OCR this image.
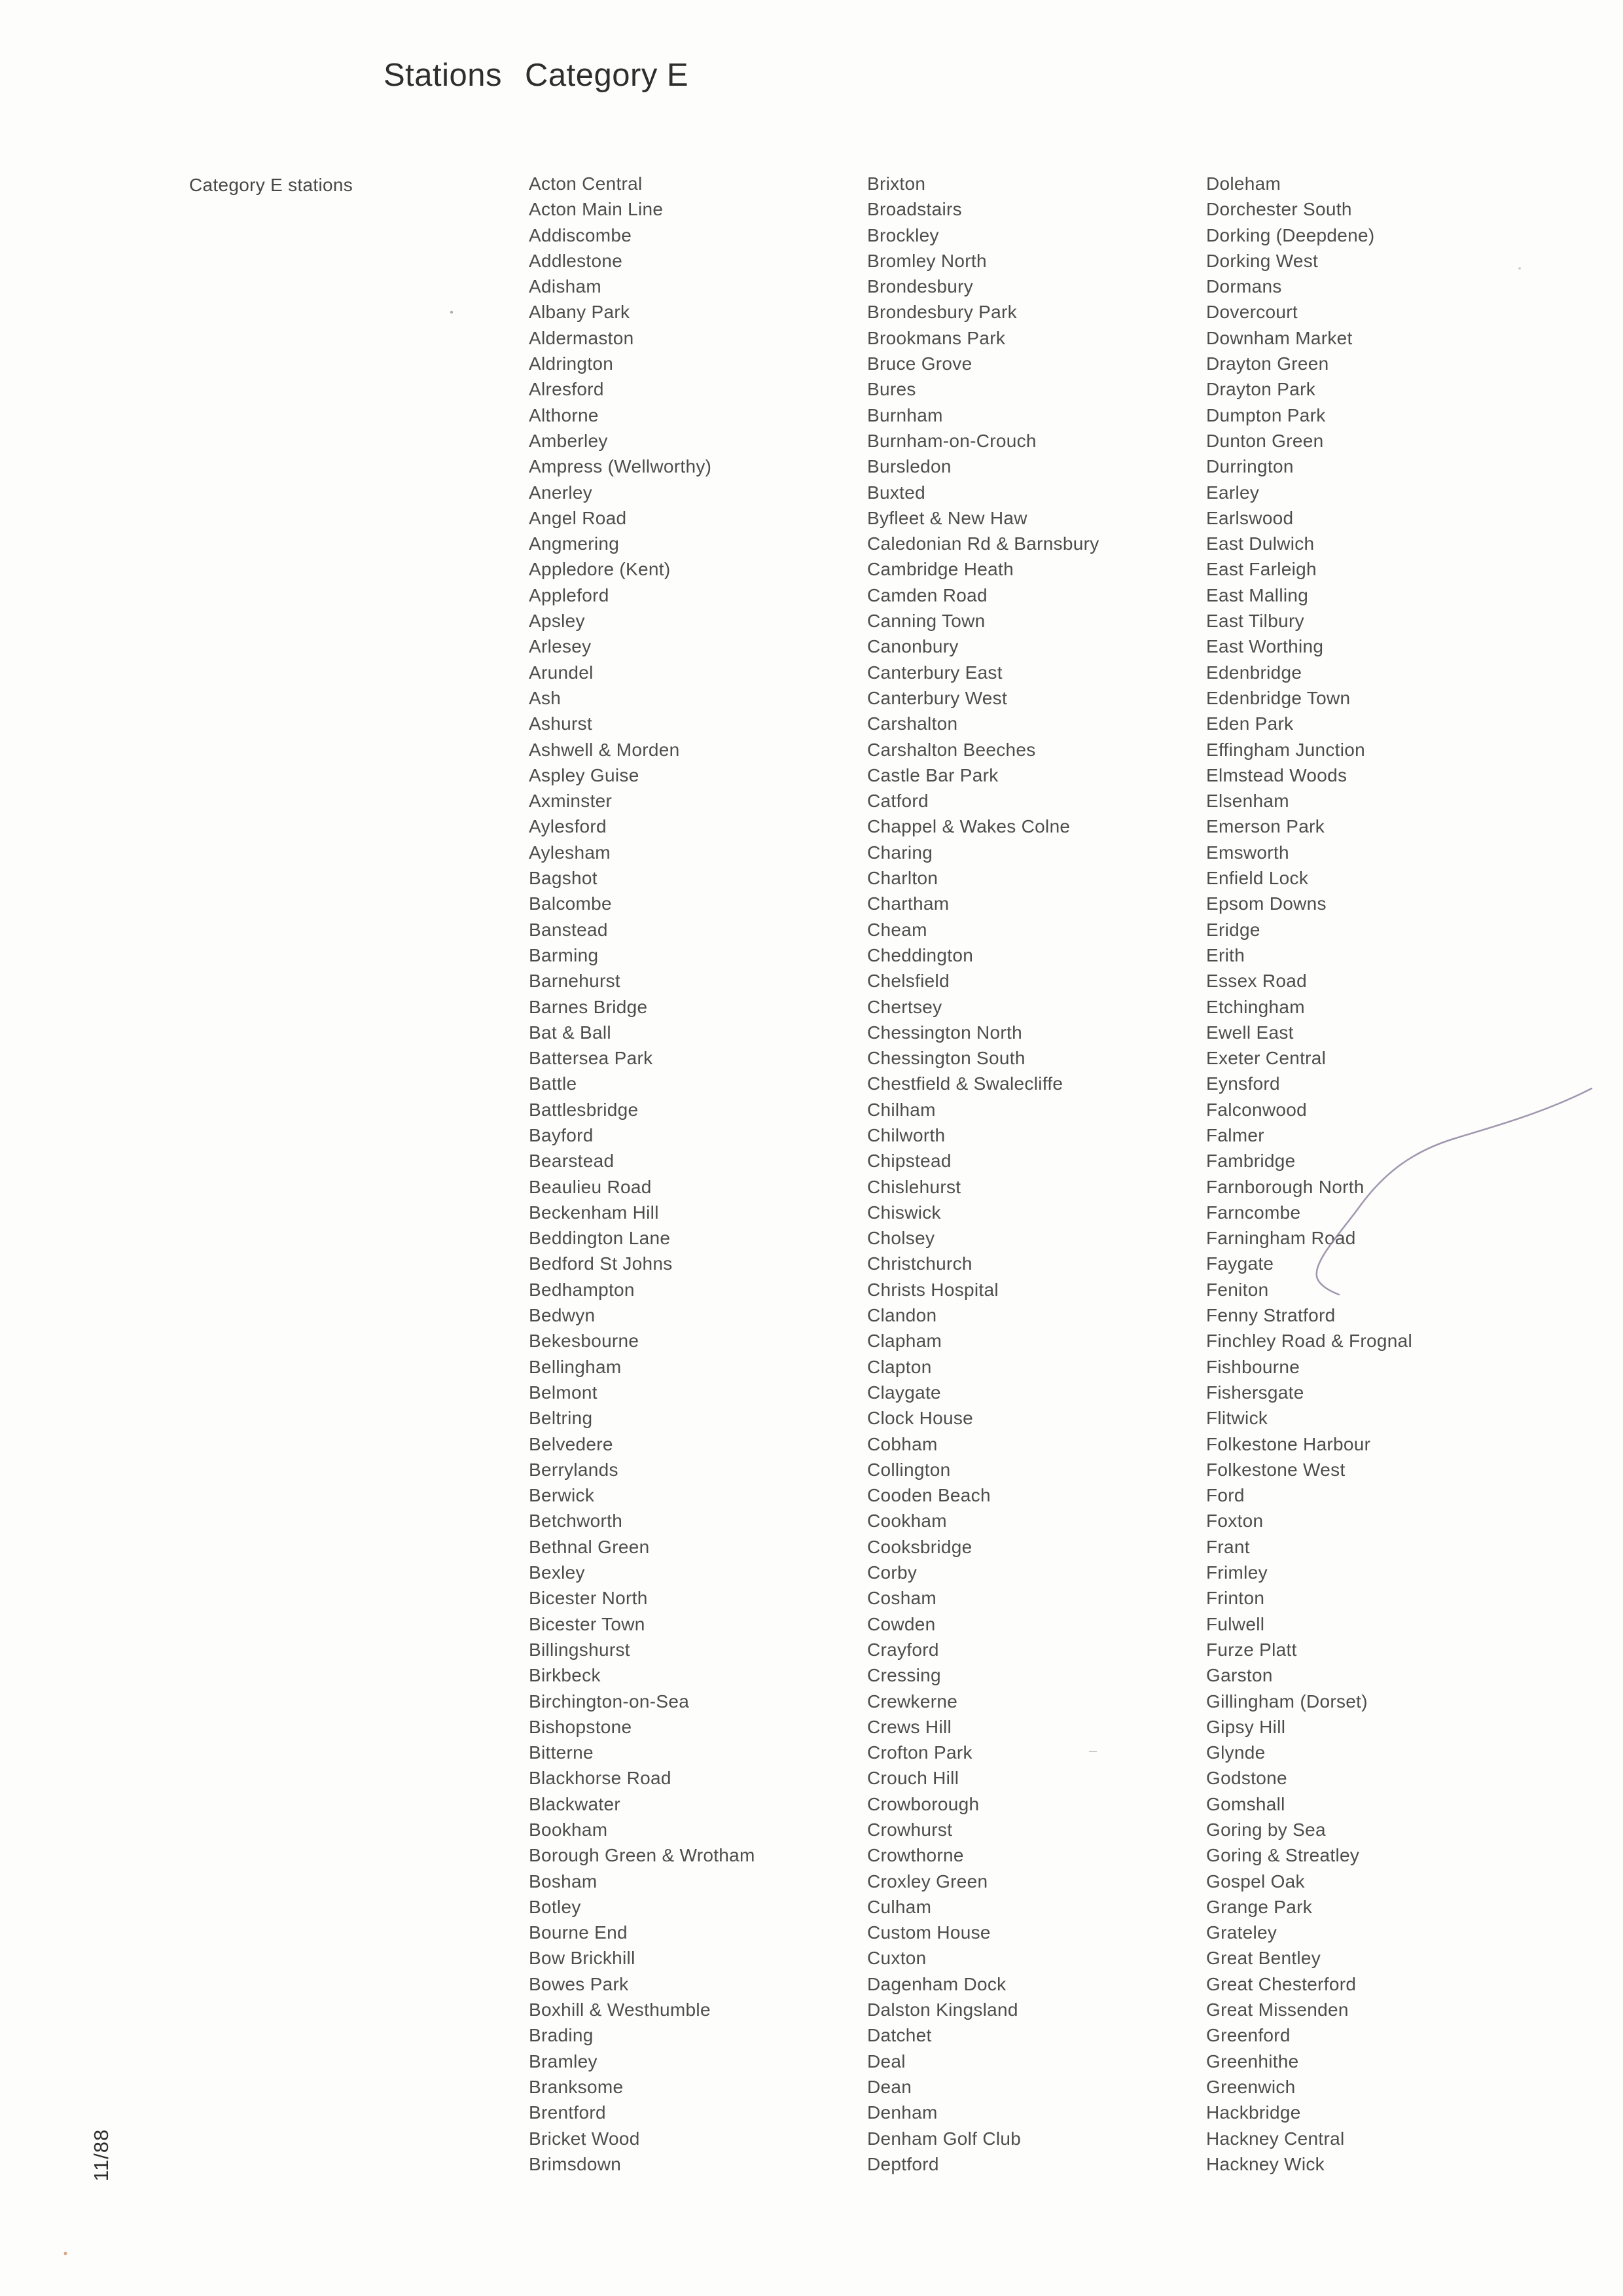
Stations Category E
Category E stations	Acton Central
Acton Main Line
Addiscombe
Addlestone
Adisham
Albany Park
Aldermaston
Aldrington
Alresford
Althorne
Amberley
Ampress (Wellworthy)
Anerley
Angel Road
Angmering
Appledore (Kent)
Appleford
Apsley
Arlesey
Arundel
Ash
Ashurst
Ashwell & Morden
Aspley Guise
Axminster
Aylesford
Aylesham
Bagshot
Balcombe
Banstead
Barming
Barnehurst
Barnes Bridge
Bat & Ball
Battersea Park
Battle
Battlesbridge
Bayford
Bearstead
Beaulieu Road
Beckenham Hill
Beddington Lane
Bedford St Johns
Bedhampton
Bedwyn
Bekesbourne
Bellingham
Belmont
Beltring
Belvedere
Berrylands
Berwick
Betchworth
Bethnal Green
Bexley
Bicester North
Bicester Town
Billingshurst
Birkbeck
Birchington-on-Sea
Bishopstone
Bitterne
Blackhorse Road
Blackwater
Bookham
Borough Green & Wrotham
Bosham
Botley
Bourne End
Bow Brickhill
Bowes Park
Boxhill & Westhumble
Brading
Bramley
Branksome
Brentford
Bricket Wood
Brimsdown
Brixton
Broadstairs
Brockley
Bromley North
Brondesbury
Brondesbury Park
Brookmans Park
Bruce Grove
Bures
Burnham
Burnham-on-Crouch
Bursledon
Buxted
Byfleet & New Haw
Caledonian Rd & Barnsbury
Cambridge Heath
Camden Road
Canning Town
Canonbury
Canterbury East
Canterbury West
Carshalton
Carshalton Beeches
Castle Bar Park
Catford
Chappel & Wakes Colne
Charing
Charlton
Chartham
Cheam
Cheddington
Chelsfield
Chertsey
Chessington North
Chessington South
Chestfield & Swalecliffe
Chilham
Chilworth
Chipstead
Chislehurst
Chiswick
Cholsey
Christchurch
Christs Hospital
Clandon
Clapham
Clapton
Claygate
Clock House
Cobham
Collington
Cooden Beach
Cookham
Cooksbridge
Corby
Cosham
Cowden
Crayford
Cressing
Crewkerne
Crews Hill
Crofton Park
Crouch Hill
Crowborough
Crowhurst
Crowthorne
Croxley Green
Culham
Custom House
Cuxton
Dagenham Dock
Dalston Kingsland
Datchet
Deal
Dean
Denham
Denham Golf Club
Deptford
Doleham
Dorchester South
Dorking (Deepdene)
Dorking West
Dormans
Dovercourt
Downham Market
Drayton Green
Drayton Park
Dumpton Park
Dunton Green
Durrington
Earley
Earlswood
East Dulwich
East Farleigh
East Malling
East Tilbury
East Worthing
Edenbridge
Edenbridge Town
Eden Park
Effingham Junction
Elmstead Woods
Elsenham
Emerson Park
Emsworth
Enfield Lock
Epsom Downs
Eridge
Erith
Essex Road
Etchingham
Ewell East
Exeter Central
Eynsford
Falconwood
Falmer
Fambridge
Farnborough North
Farncombe
Farningham Road
Faygate
Feniton
Fenny Stratford
Finchley Road & Frognal
Fishbourne
Fishersgate
Flitwick
Folkestone Harbour
Folkestone West
Ford
Foxton
Frant
Frimley
Frinton
Fulwell
Furze Platt
Garston
Gillingham (Dorset)
Gipsy Hill
Glynde
Godstone
Gomshall
Goring by Sea
Goring & Streatley
Gospel Oak
Grange Park
Grateley
Great Bentley
Great Chesterford
Great Missenden
Greenford
Greenhithe
Greenwich
Hackbridge
Hackney Central
Hackney Wick
11/88
